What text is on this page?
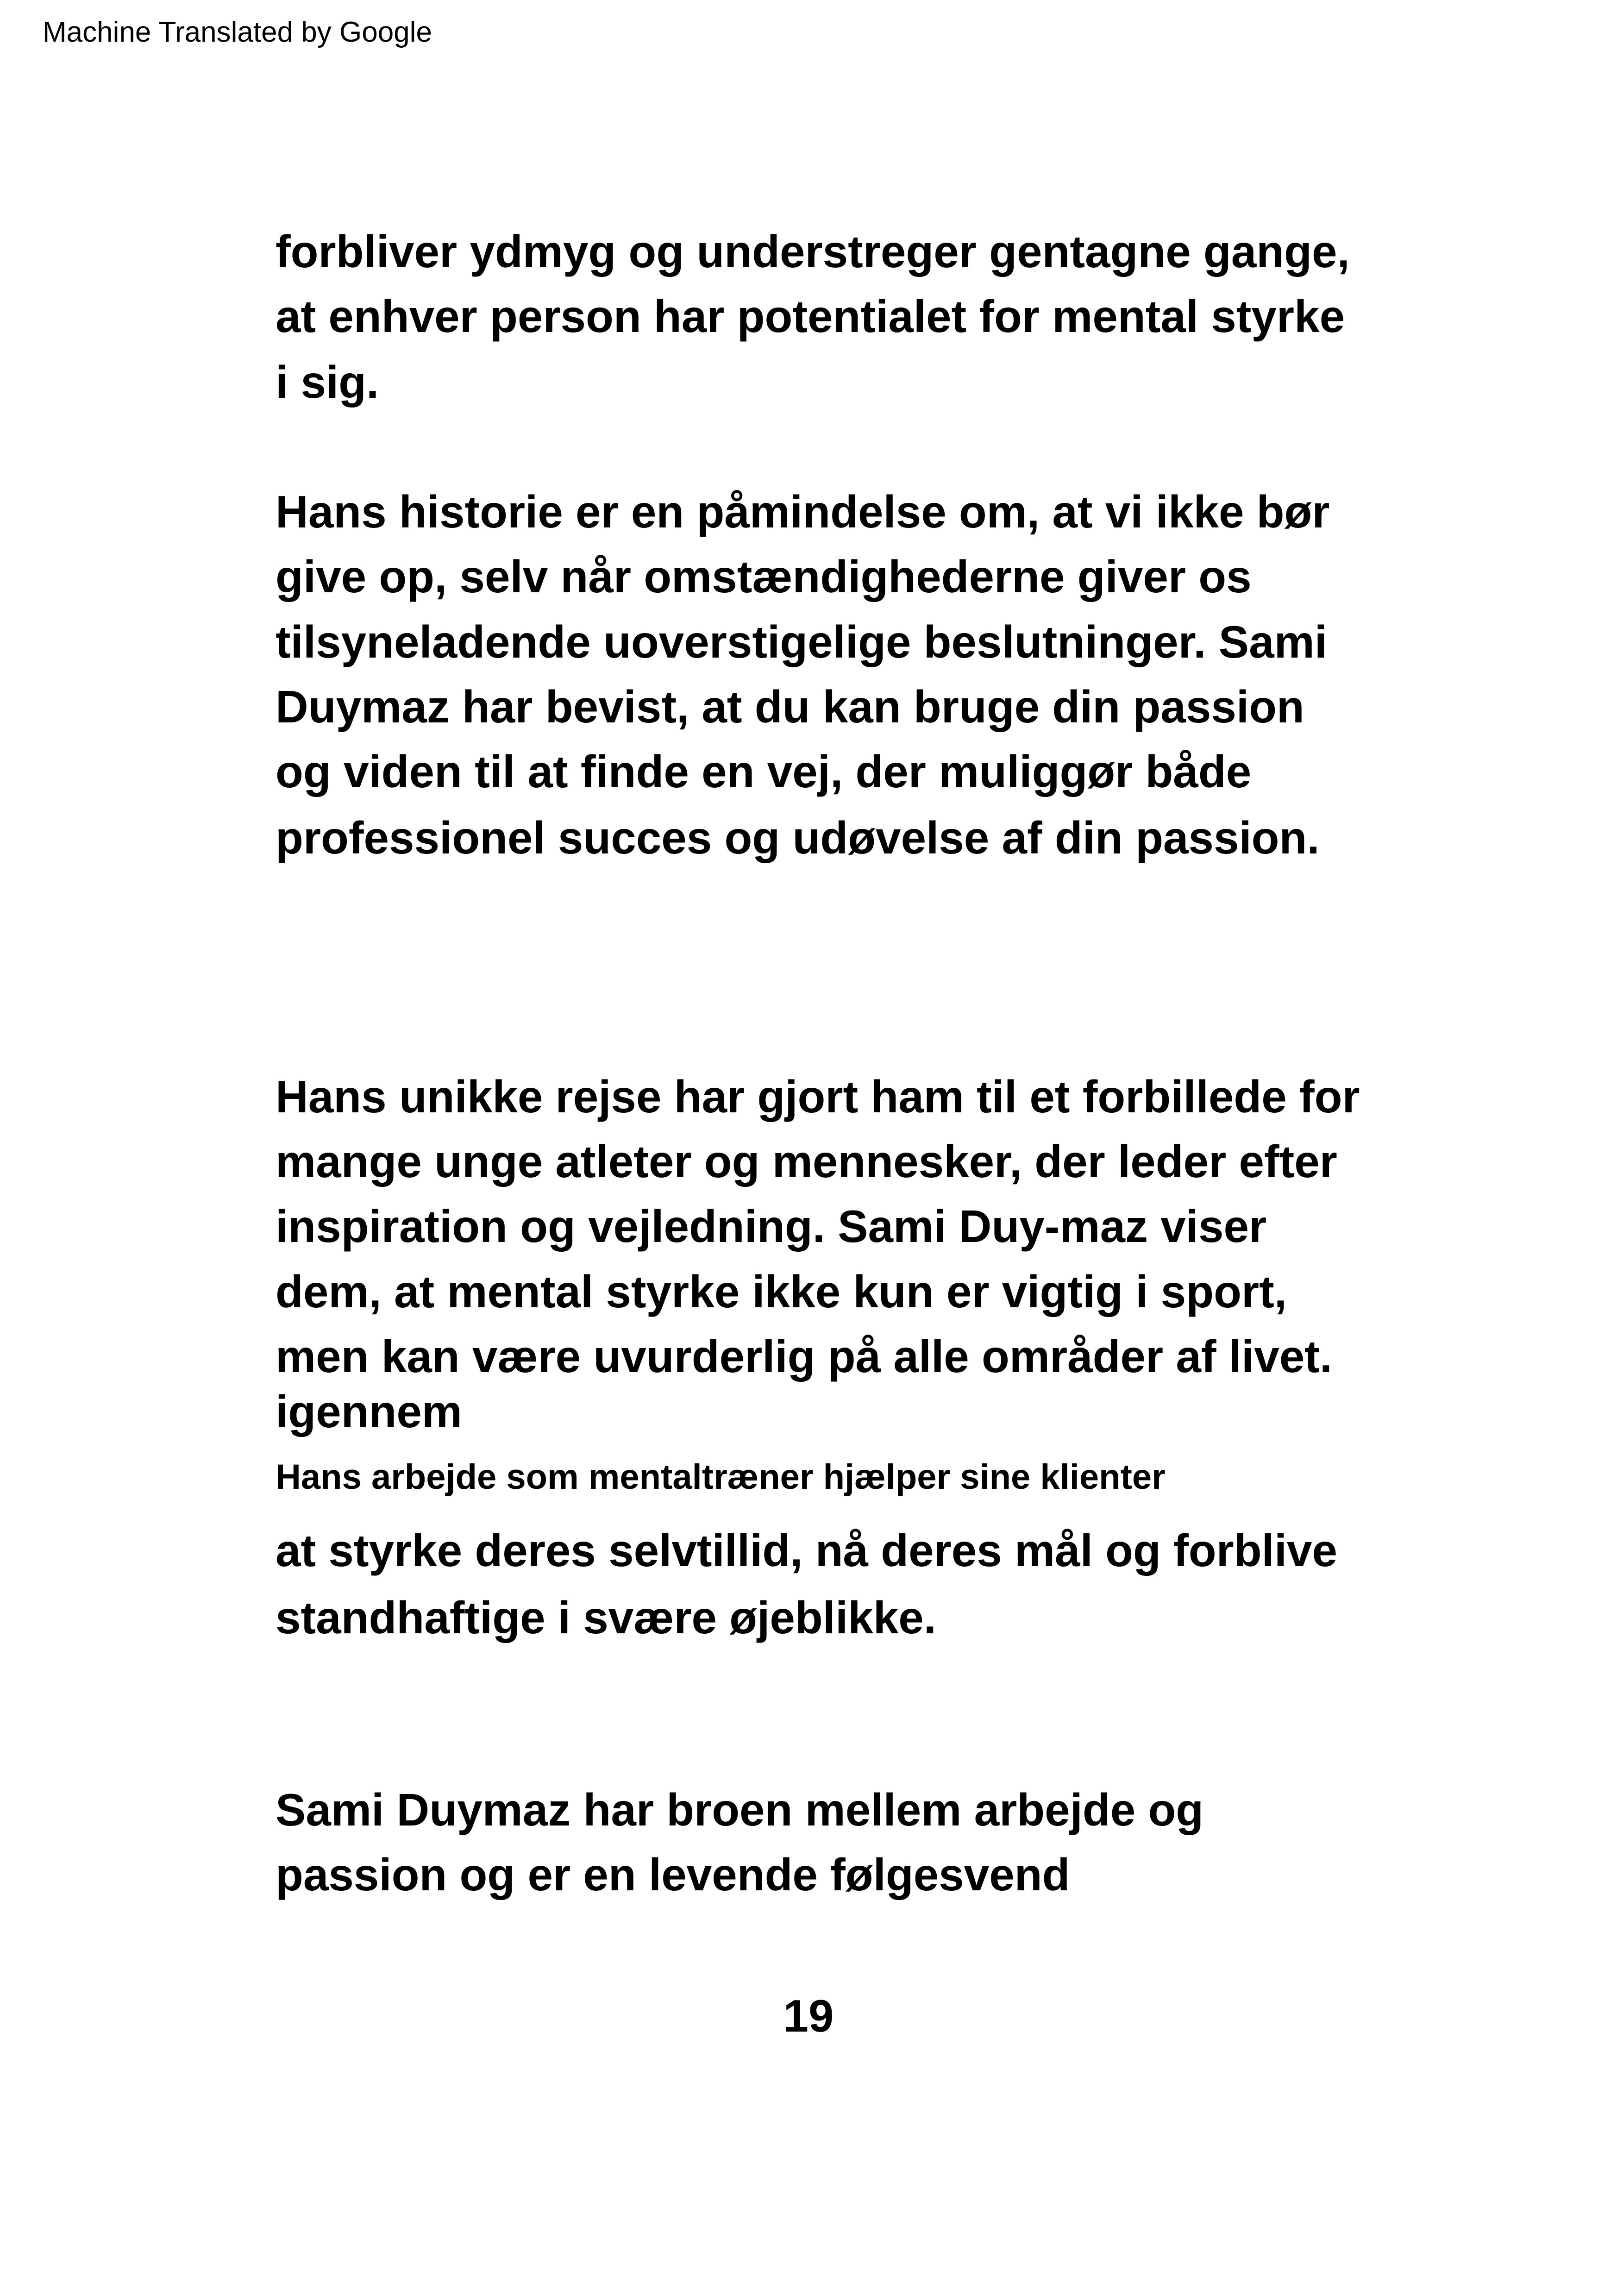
Machine Translated by Google
forbliver ydmyg og understreger gentagne gange,
at enhver person har potentialet for mental styrke
i sig.
Hans historie er en påmindelse om, at vi ikke bør
give op, selv når omstændighederne giver os
tilsyneladende uoverstigelige beslutninger. Sami
Duymaz har bevist, at du kan bruge din passion
og viden til at finde en vej, der muliggør både
professionel succes og udøvelse af din passion.
Hans unikke rejse har gjort ham til et forbillede for
mange unge atleter og mennesker, der leder efter
inspiration og vejledning. Sami Duy-maz viser
dem, at mental styrke ikke kun er vigtig i sport,
men kan være uvurderlig på alle områder af livet.
igennem
Hans arbejde som mentaltræner hjælper sine klienter
at styrke deres selvtillid, nå deres mål og forblive
standhaftige i svære øjeblikke.
Sami Duymaz har broen mellem arbejde og
passion og er en levende følgesvend
19
